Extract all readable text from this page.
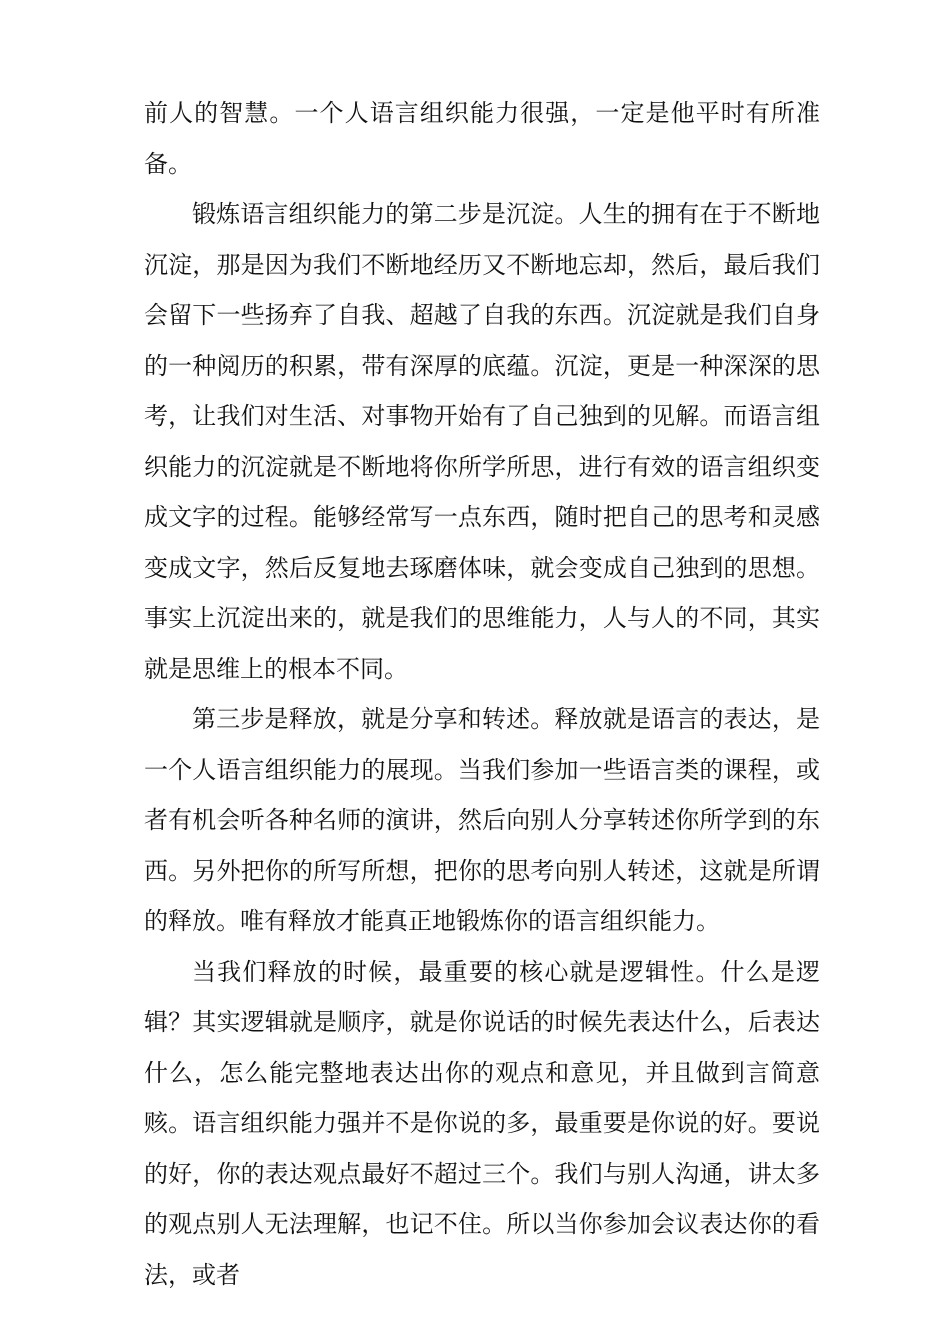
前人的智慧。一个人语言组织能力很强，一定是他平时有所准备。

锻炼语言组织能力的第二步是沉淀。人生的拥有在于不断地沉淀，那是因为我们不断地经历又不断地忘却，然后，最后我们会留下一些扬弃了自我、超越了自我的东西。沉淀就是我们自身的一种阅历的积累，带有深厚的底蕴。沉淀，更是一种深深的思考，让我们对生活、对事物开始有了自己独到的见解。而语言组织能力的沉淀就是不断地将你所学所思，进行有效的语言组织变成文字的过程。能够经常写一点东西，随时把自己的思考和灵感变成文字，然后反复地去琢磨体味，就会变成自己独到的思想。事实上沉淀出来的，就是我们的思维能力，人与人的不同，其实就是思维上的根本不同。

第三步是释放，就是分享和转述。释放就是语言的表达，是一个人语言组织能力的展现。当我们参加一些语言类的课程，或者有机会听各种名师的演讲，然后向别人分享转述你所学到的东西。另外把你的所写所想，把你的思考向别人转述，这就是所谓的释放。唯有释放才能真正地锻炼你的语言组织能力。

当我们释放的时候，最重要的核心就是逻辑性。什么是逻辑？其实逻辑就是顺序，就是你说话的时候先表达什么，后表达什么，怎么能完整地表达出你的观点和意见，并且做到言简意赅。语言组织能力强并不是你说的多，最重要是你说的好。要说的好，你的表达观点最好不超过三个。我们与别人沟通，讲太多的观点别人无法理解，也记不住。所以当你参加会议表达你的看法，或者
